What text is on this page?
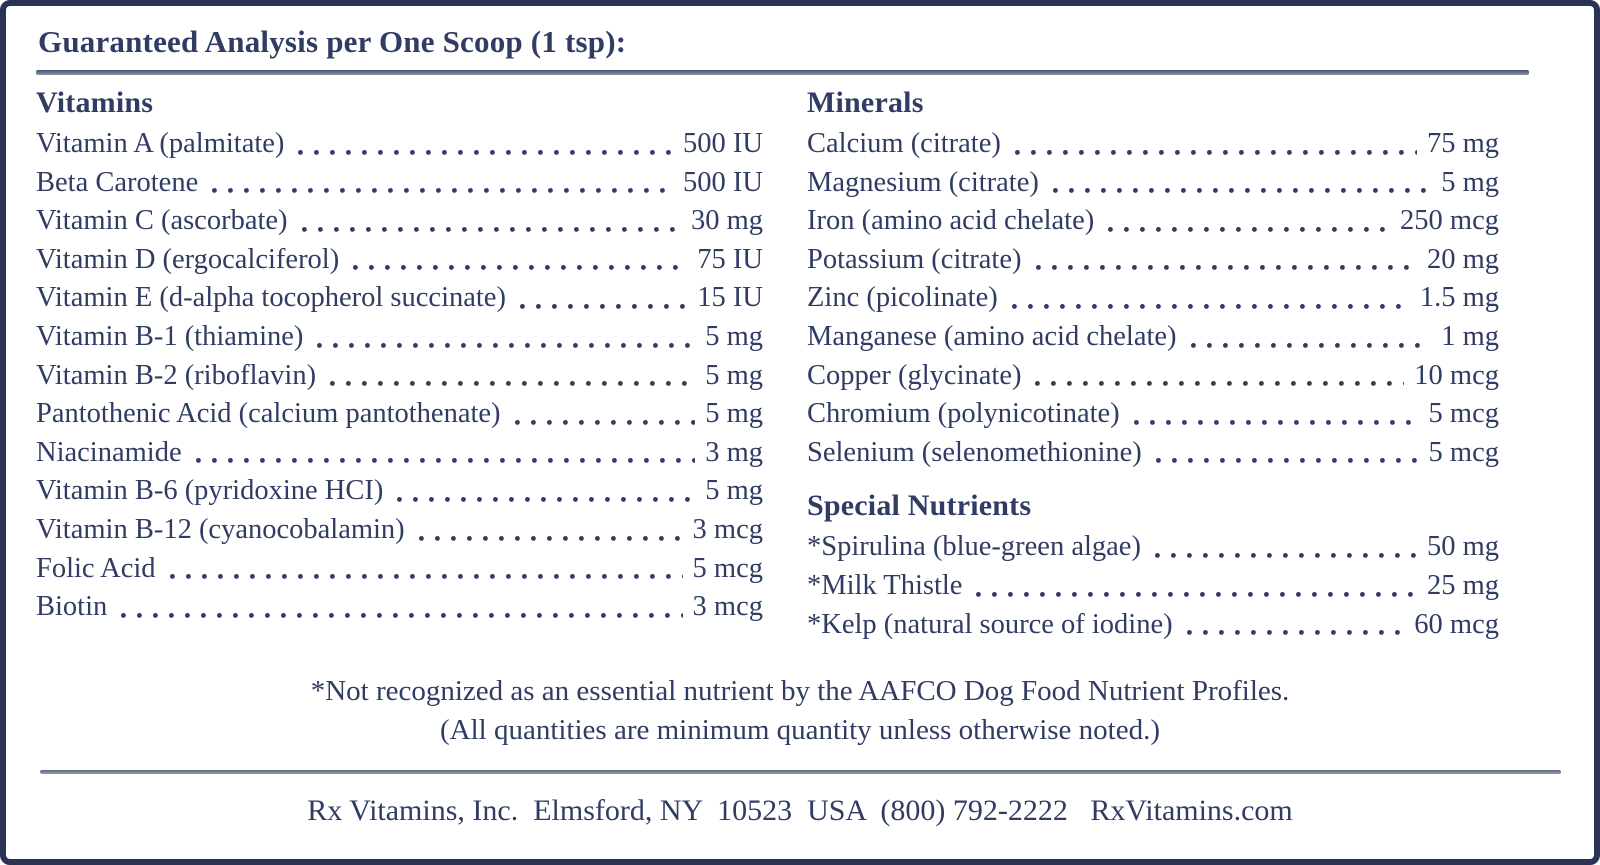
Guaranteed Analysis per One Scoop (1 tsp):
Vitamins
Vitamin A (palmitate)	500 IU
Beta Carotene	500 IU
Vitamin C (ascorbate)	30 mg
Vitamin D (ergocalciferol)	75 IU
Vitamin E (d-alpha tocopherol succinate)	15 IU
Vitamin B-1 (thiamine)	5 mg
Vitamin B-2 (riboflavin)	5 mg
Pantothenic Acid (calcium pantothenate)	5 mg
Niacinamide	3 mg
Vitamin B-6 (pyridoxine HCI)	5 mg
Vitamin B-12 (cyanocobalamin)	3 mcg
Folic Acid	5 mcg
Biotin	3 mcg
Minerals
Calcium (citrate)	75 mg
Magnesium (citrate)	5 mg
Iron (amino acid chelate)	250 mcg
Potassium (citrate)	20 mg
Zinc (picolinate)	1.5 mg
Manganese (amino acid chelate)	1 mg
Copper (glycinate)	10 mcg
Chromium (polynicotinate)	5 mcg
Selenium (selenomethionine)	5 mcg
Special Nutrients
*Spirulina (blue-green algae)	50 mg
*Milk Thistle	25 mg
*Kelp (natural source of iodine)	60 mcg

*Not recognized as an essential nutrient by the AAFCO Dog Food Nutrient Profiles.

(All quantities are minimum quantity unless otherwise noted.)

Rx Vitamins, Inc.  Elmsford, NY  10523  USA  (800) 792-2222   RxVitamins.com
